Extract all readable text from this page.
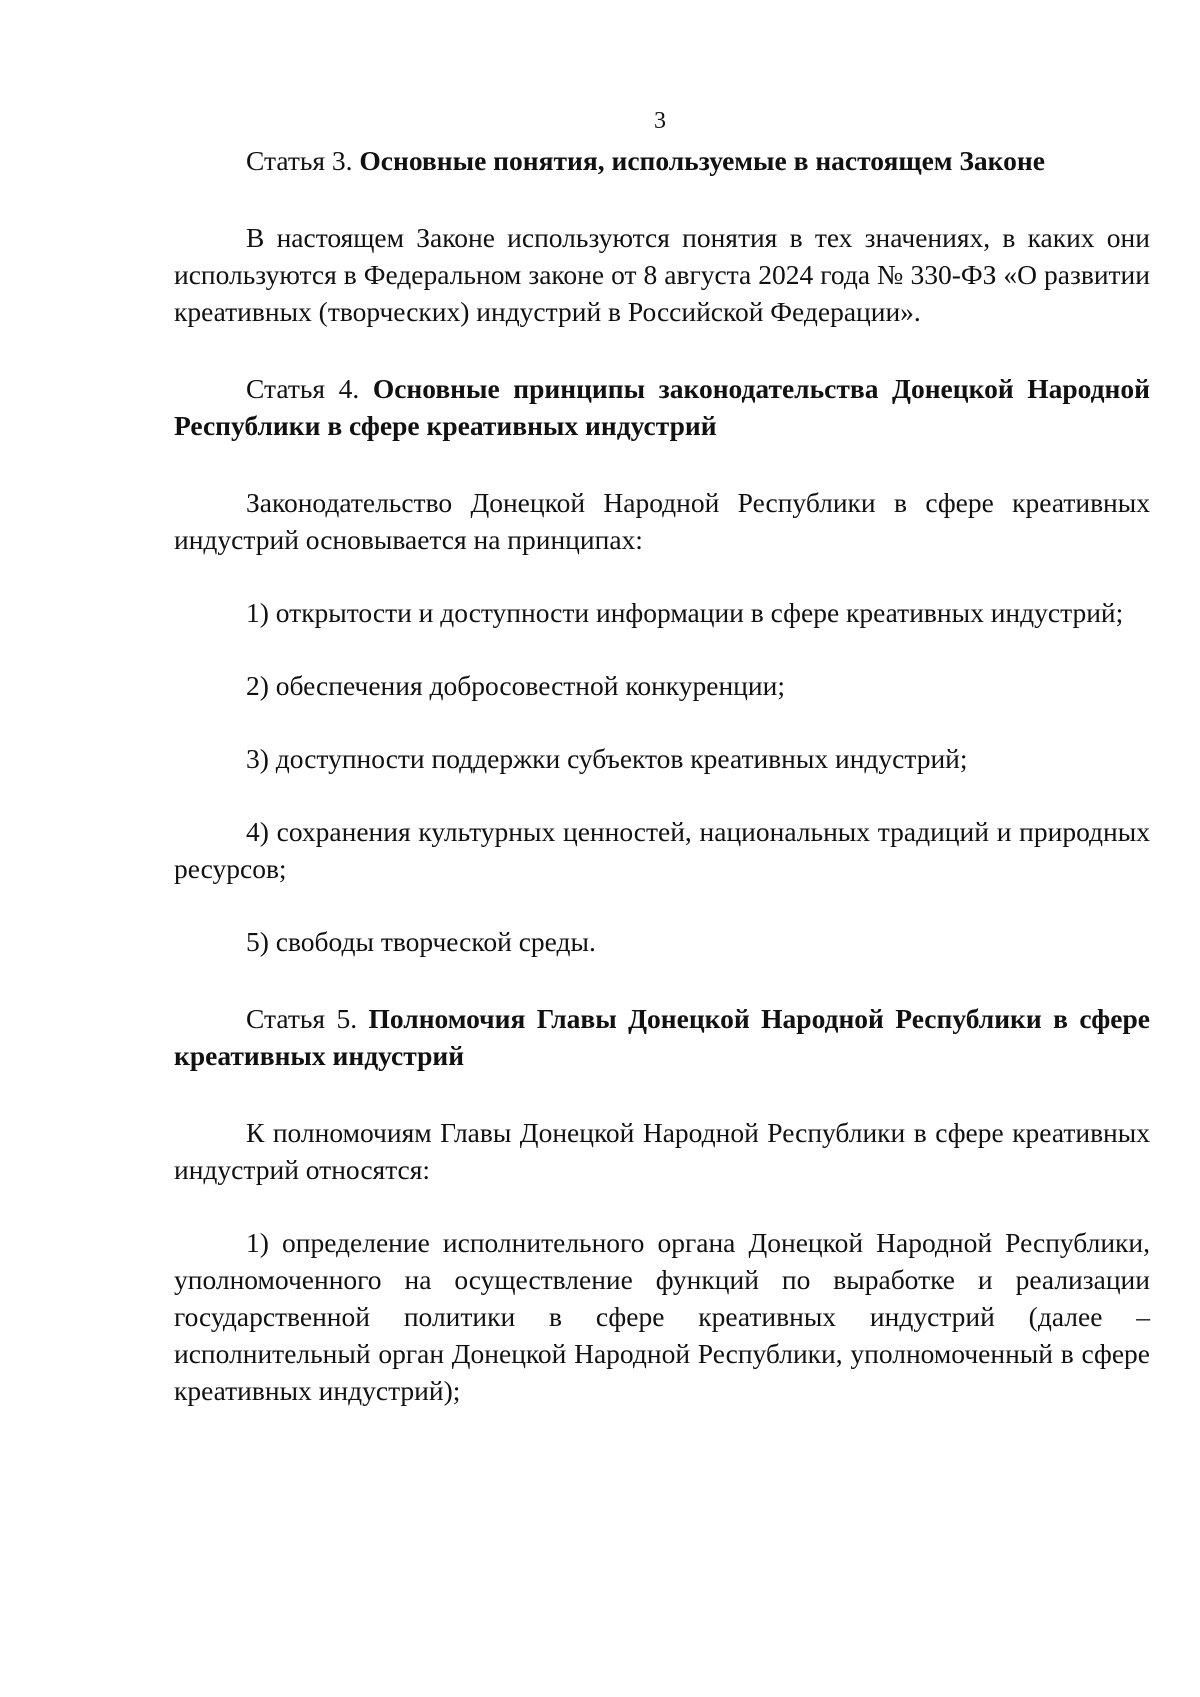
3

Статья 3. Основные понятия, используемые в настоящем Законе

В настоящем Законе используются понятия в тех значениях, в каких они используются в Федеральном законе от 8 августа 2024 года № 330-ФЗ «О развитии креативных (творческих) индустрий в Российской Федерации».

Статья 4. Основные принципы законодательства Донецкой Народной Республики в сфере креативных индустрий

Законодательство Донецкой Народной Республики в сфере креативных индустрий основывается на принципах:

1) открытости и доступности информации в сфере креативных индустрий;

2) обеспечения добросовестной конкуренции;

3) доступности поддержки субъектов креативных индустрий;

4) сохранения культурных ценностей, национальных традиций и природных ресурсов;

5) свободы творческой среды.

Статья 5. Полномочия Главы Донецкой Народной Республики в сфере креативных индустрий

К полномочиям Главы Донецкой Народной Республики в сфере креативных индустрий относятся:

1) определение исполнительного органа Донецкой Народной Республики, уполномоченного на осуществление функций по выработке и реализации государственной политики в сфере креативных индустрий (далее – исполнительный орган Донецкой Народной Республики, уполномоченный в сфере креативных индустрий);
